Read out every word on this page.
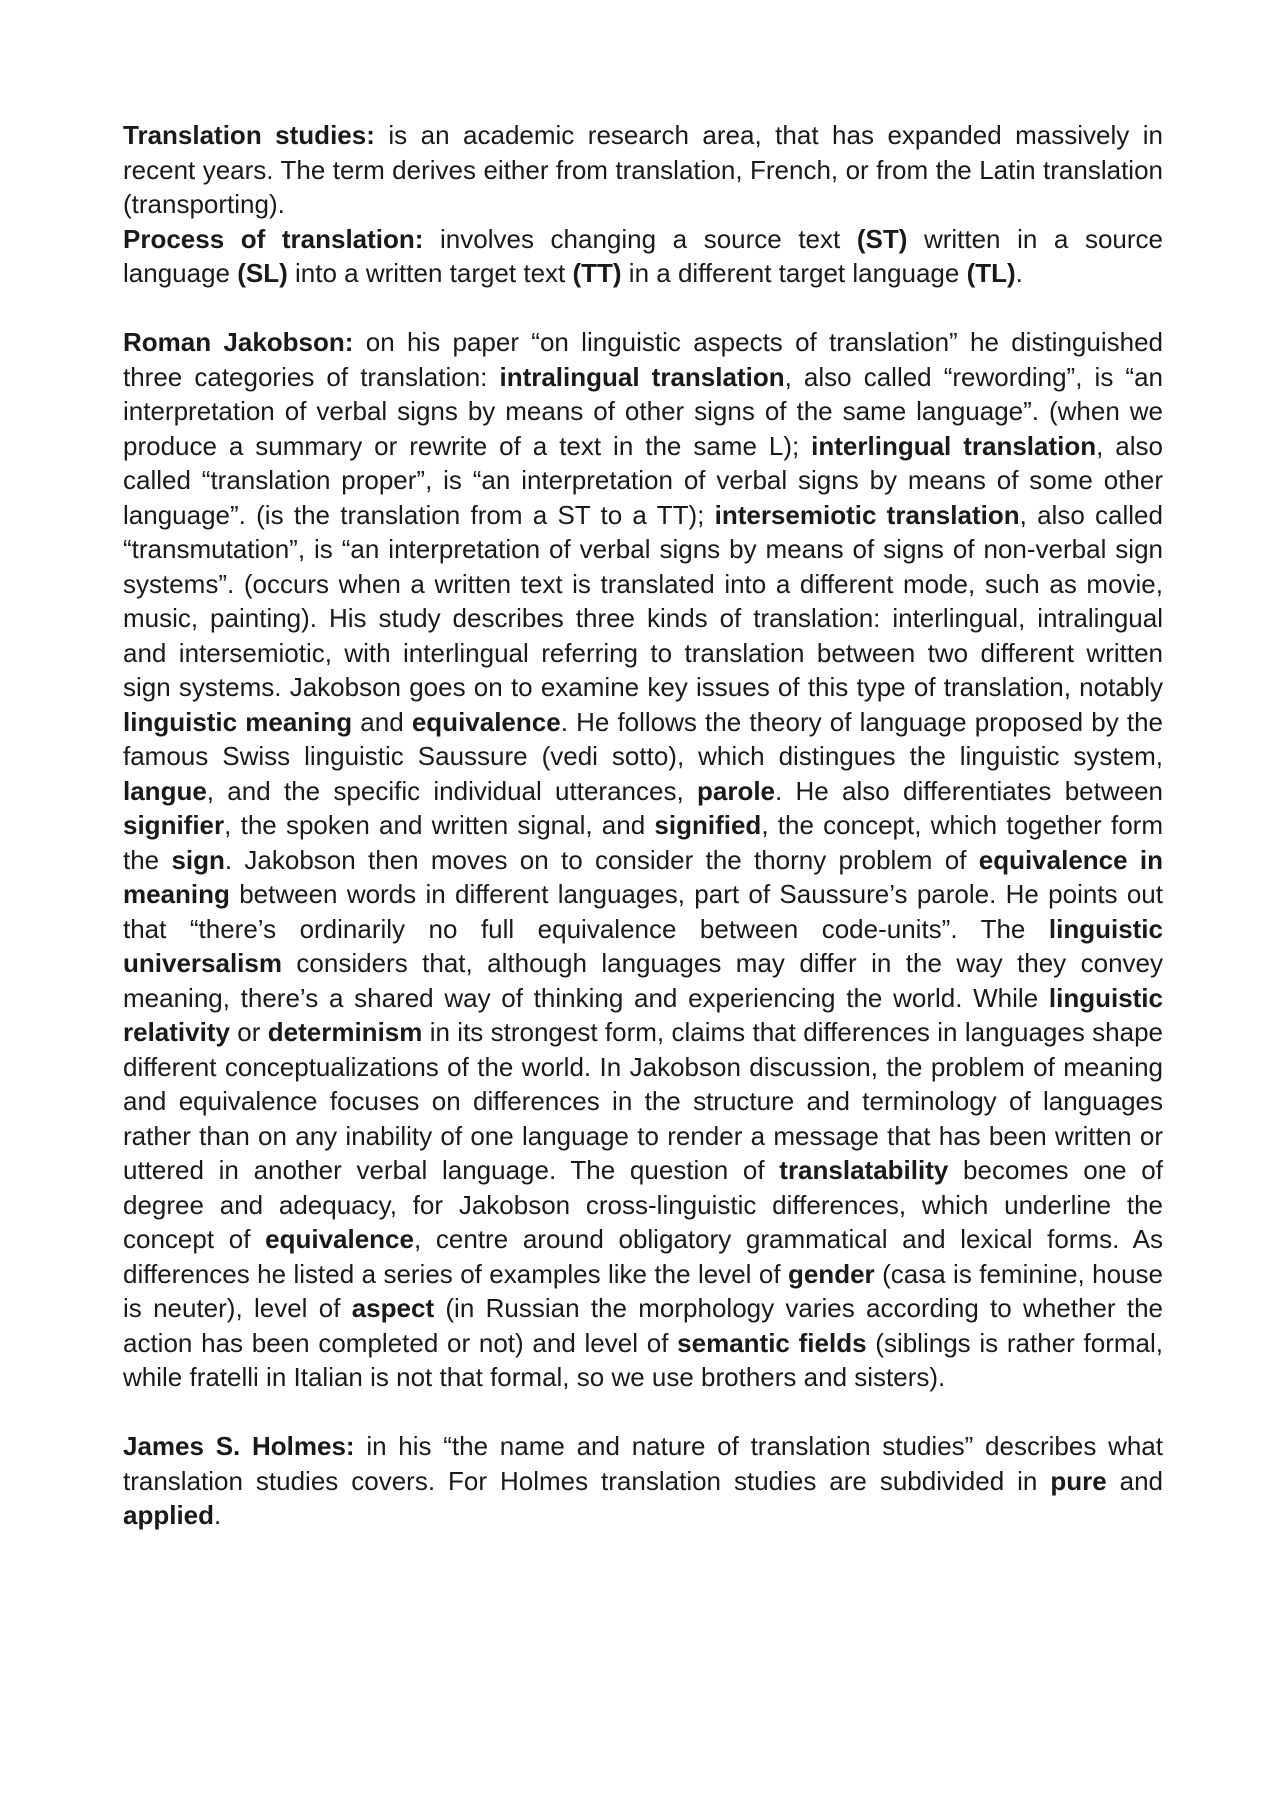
Translation studies: is an academic research area, that has expanded massively in recent years. The term derives either from translation, French, or from the Latin translation (transporting).

Process of translation: involves changing a source text (ST) written in a source language (SL) into a written target text (TT) in a different target language (TL).

Roman Jakobson: on his paper “on linguistic aspects of translation” he distinguished three categories of translation: intralingual translation, also called “rewording”, is “an interpretation of verbal signs by means of other signs of the same language”. (when we produce a summary or rewrite of a text in the same L); interlingual translation, also called “translation proper”, is “an interpretation of verbal signs by means of some other language”. (is the translation from a ST to a TT); intersemiotic translation, also called “transmutation”, is “an interpretation of verbal signs by means of signs of non-verbal sign systems”. (occurs when a written text is translated into a different mode, such as movie, music, painting). His study describes three kinds of translation: interlingual, intralingual and intersemiotic, with interlingual referring to translation between two different written sign systems. Jakobson goes on to examine key issues of this type of translation, notably linguistic meaning and equivalence. He follows the theory of language proposed by the famous Swiss linguistic Saussure (vedi sotto), which distingues the linguistic system, langue, and the specific individual utterances, parole. He also differentiates between signifier, the spoken and written signal, and signified, the concept, which together form the sign. Jakobson then moves on to consider the thorny problem of equivalence in meaning between words in different languages, part of Saussure’s parole. He points out that “there’s ordinarily no full equivalence between code-units”. The linguistic universalism considers that, although languages may differ in the way they convey meaning, there’s a shared way of thinking and experiencing the world. While linguistic relativity or determinism in its strongest form, claims that differences in languages shape different conceptualizations of the world. In Jakobson discussion, the problem of meaning and equivalence focuses on differences in the structure and terminology of languages rather than on any inability of one language to render a message that has been written or uttered in another verbal language. The question of translatability becomes one of degree and adequacy, for Jakobson cross-linguistic differences, which underline the concept of equivalence, centre around obligatory grammatical and lexical forms. As differences he listed a series of examples like the level of gender (casa is feminine, house is neuter), level of aspect (in Russian the morphology varies according to whether the action has been completed or not) and level of semantic fields (siblings is rather formal, while fratelli in Italian is not that formal, so we use brothers and sisters).

James S. Holmes: in his “the name and nature of translation studies” describes what translation studies covers. For Holmes translation studies are subdivided in pure and applied.
